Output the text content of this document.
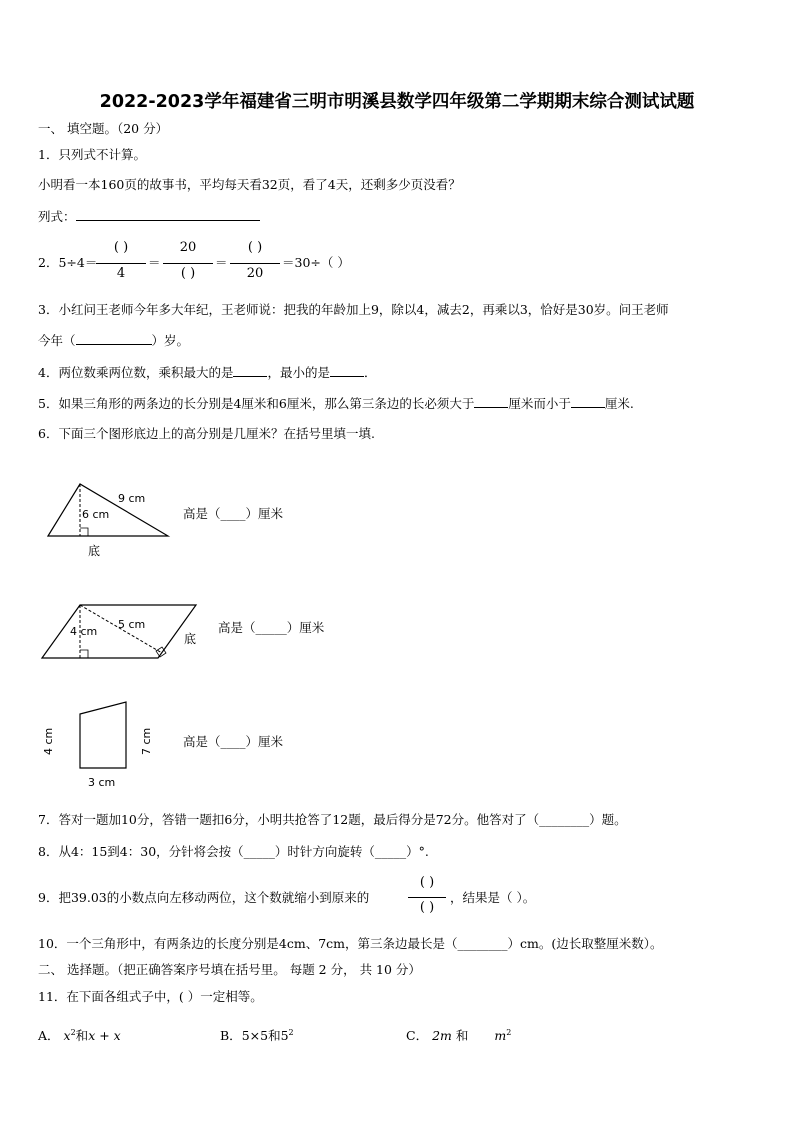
2022-2023学年福建省三明市明溪县数学四年级第二学期期末综合测试试题
一、 填空题。（20 分）
1．只列式不计算。
小明看一本160页的故事书，平均每天看32页，看了4天，还剩多少页没看？
列式：
2．5÷4＝
( )
4
＝
20
( )
＝
( )
20
＝30÷（ ）
3．小红问王老师今年多大年纪，王老师说：把我的年龄加上9，除以4，减去2，再乘以3，恰好是30岁。问王老师
今年（	）岁。
4．两位数乘两位数，乘积最大的是	，最小的是	．
5．如果三角形的两条边的长分别是4厘米和6厘米，那么第三条边的长必须大于	厘米而小于	厘米.
6．下面三个图形底边上的高分别是几厘米？在括号里填一填.
9 cm
6 cm
底
5 cm
4 cm
底
4 cm	7 cm
3 cm
高是（____）厘米
高是（_____）厘米
高是（____）厘米
7．答对一题加10分，答错一题扣6分，小明共抢答了12题，最后得分是72分。他答对了（________）题。
8．从4：15到4：30，分针将会按（_____）时针方向旋转（_____）°.
9．把39.03的小数点向左移动两位，这个数就缩小到原来的
( )
( )
，结果是（ ）。
10．一个三角形中，有两条边的长度分别是4cm、7cm，第三条边最长是（________）cm。(边长取整厘米数）。
二、 选择题。（把正确答案序号填在括号里。 每题 2 分， 共 10 分）
11．在下面各组式子中，( ）一定相等。
A． $x^2$和x + x	B．5×5和$5^2$	C． 2m 和 $m^2$
